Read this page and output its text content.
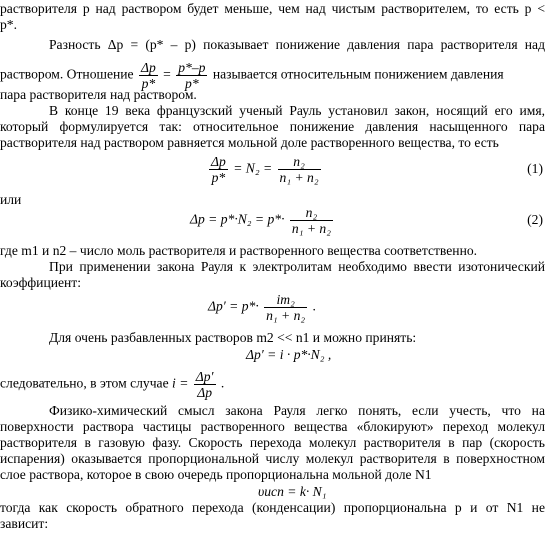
растворителя р над раствором будет меньше, чем над чистым растворителем, то есть р <
р*.
Разность Δр = (р* – р) показывает понижение давления пара растворителя над
раствором. Отношение $\frac{\Delta р}{р*} = \frac{р*-р}{р*}$ называется относительным понижением давления
пара растворителя над раствором.
В конце 19 века французский ученый Рауль установил закон, носящий его имя,
который формулируется так: относительное понижение давления насыщенного пара
растворителя над раствором равняется мольной доле растворенного вещества, то есть
$\frac{\Delta р}{р*} = N_2 = \frac{\text{n₂}}{\text{n₁ + n₂}}$	(1)
или
$\Delta р = р*\cdot N_2 = р*\cdot \frac{\text{n₂}}{\text{n₁ + n₂}}$	(2)
где m1 и n2 – число моль растворителя и растворенного вещества соответственно.
При применении закона Рауля к электролитам необходимо ввести изотонический
коэффициент:
$\Delta р' = р*\cdot \frac{\text{im₂}}{\text{n₁ + n₂}}$ .
Для очень разбавленных растворов m2 << n1 и можно принять:
Δр′ = i · р*·N₂ ,
следовательно, в этом случае $i = \frac{\Delta р'}{\Delta р}$ .
Физико-химический смысл закона Рауля легко понять, если учесть, что на
поверхности раствора частицы растворенного вещества «блокируют» переход молекул
растворителя в газовую фазу. Скорость перехода молекул растворителя в пар (скорость
испарения) оказывается пропорциональной числу молекул растворителя в поверхностном
слое раствора, которое в свою очередь пропорциональна мольной доле N1
υисп = k· N₁
тогда как скорость обратного перехода (конденсации) пропорциональна р и от N1 не
зависит:
